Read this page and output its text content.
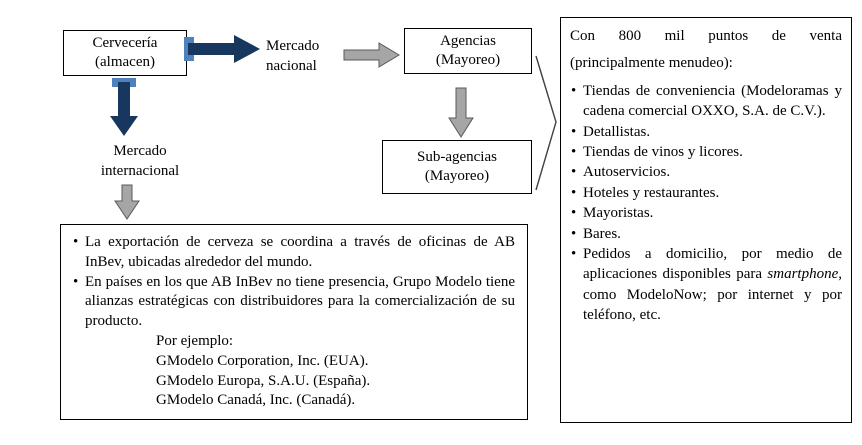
Cervecería
(almacen)
Mercado
nacional
Agencias
(Mayoreo)
Sub-agencias
(Mayoreo)
Mercado
internacional
• La exportación de cerveza se coordina a través de oficinas de AB InBev, ubicadas alrededor del mundo.
• En países en los que AB InBev no tiene presencia, Grupo Modelo tiene alianzas estratégicas con distribuidores para la comercialización de su producto.
Por ejemplo:
GModelo Corporation, Inc. (EUA).
GModelo Europa, S.A.U. (España).
GModelo Canadá, Inc. (Canadá).
Con 800 mil puntos de venta
(principalmente menudeo):
• Tiendas de conveniencia (Modeloramas y cadena comercial OXXO, S.A. de C.V.).
• Detallistas.
• Tiendas de vinos y licores.
• Autoservicios.
• Hoteles y restaurantes.
• Mayoristas.
• Bares.
• Pedidos a domicilio, por medio de aplicaciones disponibles para smartphone, como ModeloNow; por internet y por teléfono, etc.
